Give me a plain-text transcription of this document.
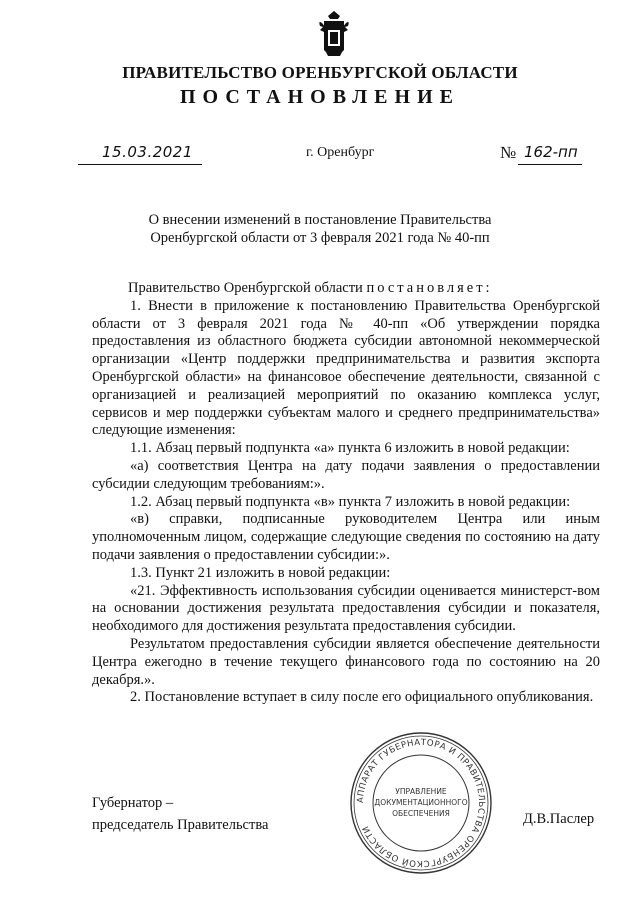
ПРАВИТЕЛЬСТВО ОРЕНБУРГСКОЙ ОБЛАСТИ
ПОСТАНОВЛЕНИЕ
15.03.2021	г. Оренбург	№ 162-пп
О внесении изменений в постановление Правительства
Оренбургской области от 3 февраля 2021 года № 40-пп

Правительство Оренбургской области постановляет:

1. Внести в приложение к постановлению Правительства Оренбургской области от 3 февраля 2021 года № 40-пп «Об утверждении порядка предоставления из областного бюджета субсидии автономной некоммерческой организации «Центр поддержки предпринимательства и развития экспорта Оренбургской области» на финансовое обеспечение деятельности, связанной с организацией и реализацией мероприятий по оказанию комплекса услуг, сервисов и мер поддержки субъектам малого и среднего предпринимательства» следующие изменения:

1.1. Абзац первый подпункта «а» пункта 6 изложить в новой редакции:

«а) соответствия Центра на дату подачи заявления о предоставлении субсидии следующим требованиям:».

1.2. Абзац первый подпункта «в» пункта 7 изложить в новой редакции:

«в) справки, подписанные руководителем Центра или иным уполномоченным лицом, содержащие следующие сведения по состоянию на дату подачи заявления о предоставлении субсидии:».

1.3. Пункт 21 изложить в новой редакции:

«21. Эффективность использования субсидии оценивается министерст-вом на основании достижения результата предоставления субсидии и показателя, необходимого для достижения результата предоставления субсидии.

Результатом предоставления субсидии является обеспечение деятельности Центра ежегодно в течение текущего финансового года по состоянию на 20 декабря.».

2. Постановление вступает в силу после его официального опубликования.

Губернатор –
председатель Правительства	Д.В.Паслер
АППАРАТ ГУБЕРНАТОРА И ПРАВИТЕЛЬСТВА ОРЕНБУРГСКОЙ ОБЛАСТИ
УПРАВЛЕНИЕ
ДОКУМЕНТАЦИОННОГО
ОБЕСПЕЧЕНИЯ
